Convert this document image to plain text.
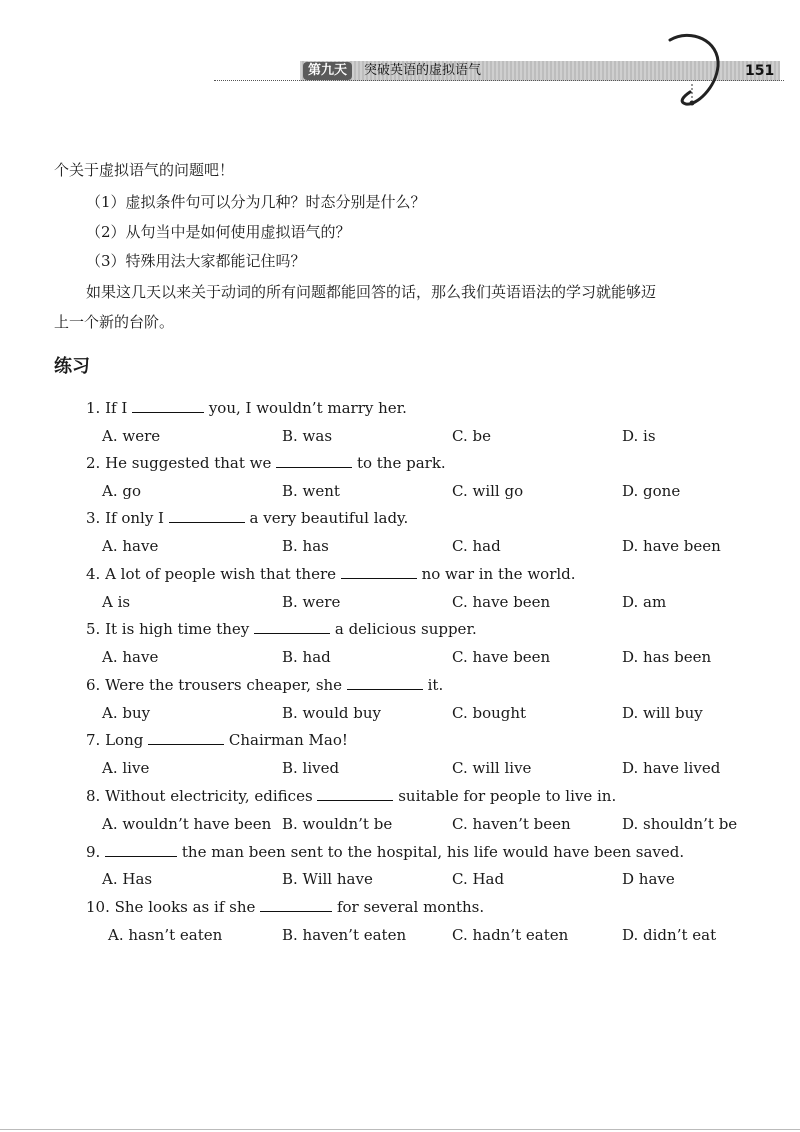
第九天	突破英语的虚拟语气	151
个关于虚拟语气的问题吧！
（1）虚拟条件句可以分为几种？时态分别是什么？
（2）从句当中是如何使用虚拟语气的？
（3）特殊用法大家都能记住吗？
如果这几天以来关于动词的所有问题都能回答的话，那么我们英语语法的学习就能够迈
上一个新的台阶。
练习
1. If I	you, I wouldn’t marry her.
A. were	B. was	C. be	D. is
2. He suggested that we	to the park.
A. go	B. went	C. will go	D. gone
3. If only I	a very beautiful lady.
A. have	B. has	C. had	D. have been
4. A lot of people wish that there	no war in the world.
A is	B. were	C. have been	D. am
5. It is high time they	a delicious supper.
A. have	B. had	C. have been	D. has been
6. Were the trousers cheaper, she	it.
A. buy	B. would buy	C. bought	D. will buy
7. Long	Chairman Mao!
A. live	B. lived	C. will live	D. have lived
8. Without electricity, edifices	suitable for people to live in.
A. wouldn’t have been B. wouldn’t be	C. haven’t been	D. shouldn’t be
9.	the man been sent to the hospital, his life would have been saved.
A. Has	B. Will have	C. Had	D have
10. She looks as if she	for several months.
A. hasn’t eaten	B. haven’t eaten	C. hadn’t eaten	D. didn’t eat
